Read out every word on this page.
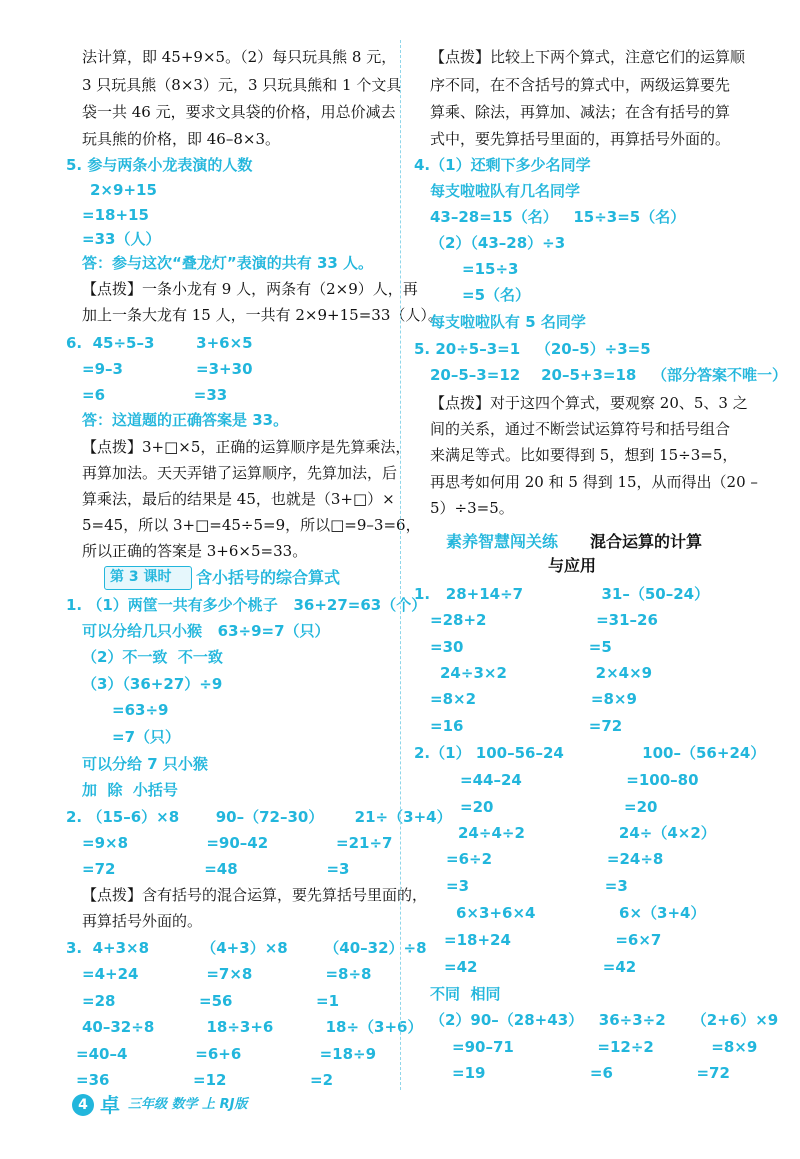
法计算，即 45+9×5。（2）每只玩具熊 8 元，
3 只玩具熊（8×3）元，3 只玩具熊和 1 个文具
袋一共 46 元，要求文具袋的价格，用总价减去
玩具熊的价格，即 46–8×3。
5. 参与两条小龙表演的人数
2×9+15
=18+15
=33（人）
答：参与这次“叠龙灯”表演的共有 33 人。
【点拨】一条小龙有 9 人，两条有（2×9）人，再
加上一条大龙有 15 人，一共有 2×9+15=33（人）。
6.  45÷5–3        3+6×5
=9–3              =3+30
=6                 =33
答：这道题的正确答案是 33。
【点拨】3+□×5，正确的运算顺序是先算乘法，
再算加法。天天弄错了运算顺序，先算加法，后
算乘法，最后的结果是 45，也就是（3+□）×
5=45，所以 3+□=45÷5=9，所以□=9–3=6，
所以正确的答案是 3+6×5=33。
第 3 课时 含小括号的综合算式
1. （1）两筐一共有多少个桃子   36+27=63（个）
可以分给几只小猴   63÷9=7（只）
（2）不一致  不一致
（3）（36+27）÷9
=63÷9
=7（只）
可以分给 7 只小猴
加  除  小括号
2. （15–6）×8       90–（72–30）      21÷（3+4）
=9×8               =90–42             =21÷7
=72                 =48                 =3
【点拨】含有括号的混合运算，要先算括号里面的，
再算括号外面的。
3.  4+3×8          （4+3）×8       （40–32）÷8
=4+24             =7×8              =8÷8
=28                =56                =1
40–32÷8          18÷3+6          18÷（3+6）
=40–4             =6+6               =18÷9
=36                =12                =2
【点拨】比较上下两个算式，注意它们的运算顺
序不同，在不含括号的算式中，两级运算要先
算乘、除法，再算加、减法；在含有括号的算
式中，要先算括号里面的，再算括号外面的。
4.（1）还剩下多少名同学
每支啦啦队有几名同学
43–28=15（名）   15÷3=5（名）
（2）（43–28）÷3
=15÷3
=5（名）
每支啦啦队有 5 名同学
5. 20÷5–3=1   （20–5）÷3=5
20–5–3=12    20–5+3=18   （部分答案不唯一）
【点拨】对于这四个算式，要观察 20、5、3 之
间的关系，通过不断尝试运算符号和括号组合
来满足等式。比如要得到 5，想到 15÷3=5，
再思考如何用 20 和 5 得到 15，从而得出（20 –
5）÷3=5。
素养智慧闯关练 混合运算的计算
与应用
1.   28+14÷7               31–（50–24）
=28+2                     =31–26
=30                        =5
24÷3×2                 2×4×9
=8×2                      =8×9
=16                        =72
2.（1） 100–56–24               100–（56+24）
=44–24                    =100–80
=20                         =20
24÷4÷2                  24÷（4×2）
=6÷2                      =24÷8
=3                          =3
6×3+6×4                6×（3+4）
=18+24                    =6×7
=42                        =42
不同  相同
（2）90–（28+43）   36÷3÷2     （2+6）×9
=90–71                =12÷2           =8×9
=19                    =6                =72
4 卓 三年级 数学 上 RJ版
